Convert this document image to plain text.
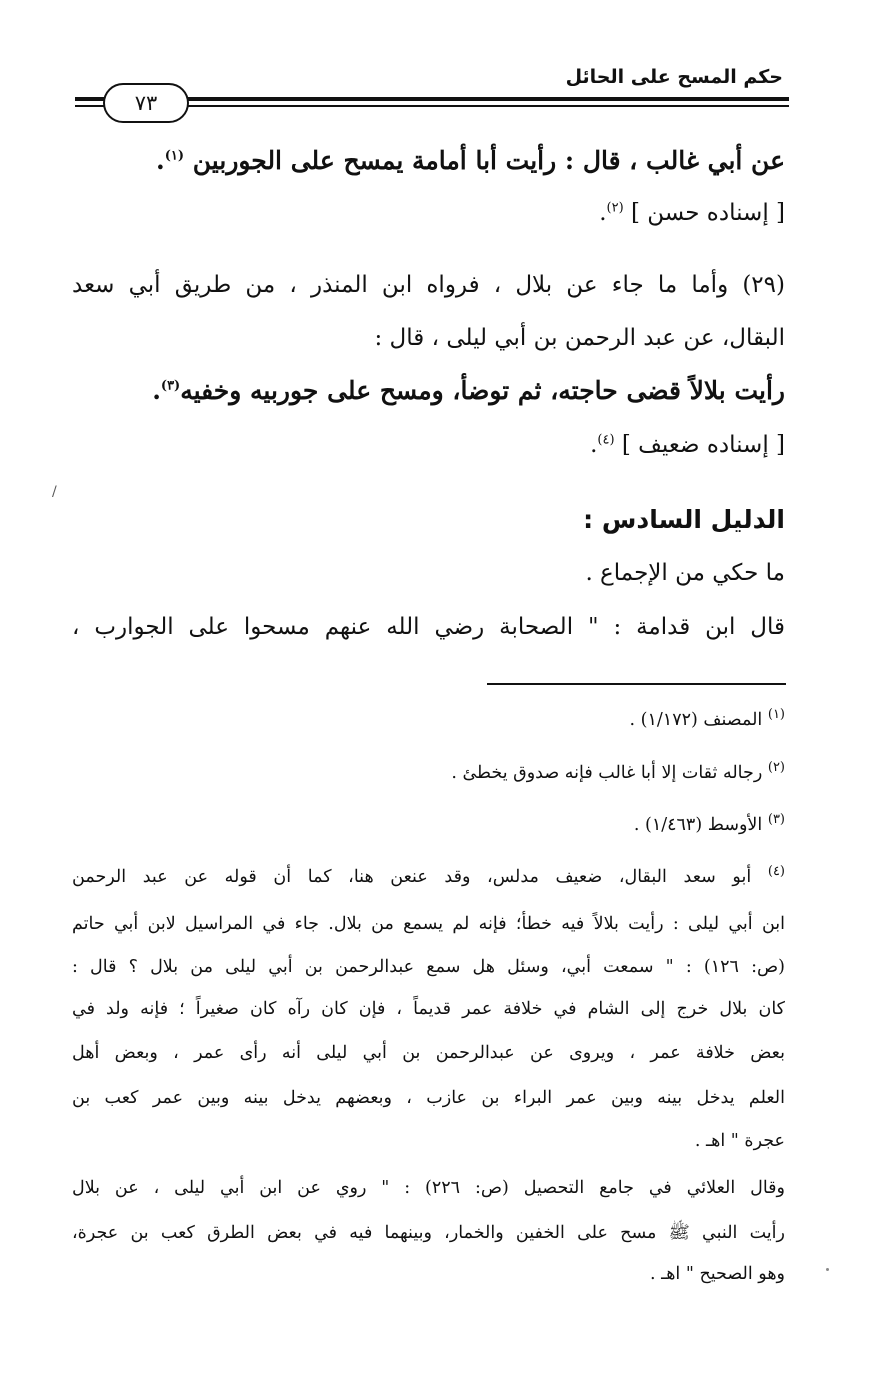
حكم المسح على الحائل
٧٣
عن أبي غالب ، قال : رأيت أبا أمامة يمسح على الجوربين $^{(١)}$.
[ إسناده حسن ] $^{(٢)}$.
(٢٩) وأما ما جاء عن بلال ، فرواه ابن المنذر ، من طريق أبي سعد
البقال، عن عبد الرحمن بن أبي ليلى ، قال :
رأيت بلالاً قضى حاجته، ثم توضأ، ومسح على جوربيه وخفيه$^{(٣)}$.
[ إسناده ضعيف ] $^{(٤)}$.
الدليل السادس :
ما حكي من الإجماع .
قال ابن قدامة : " الصحابة رضي الله عنهم مسحوا على الجوارب ،
$^{(١)}$ المصنف (١/١٧٢) .
$^{(٢)}$ رجاله ثقات إلا أبا غالب فإنه صدوق يخطئ .
$^{(٣)}$ الأوسط (١/٤٦٣) .
$^{(٤)}$ أبو سعد البقال، ضعيف مدلس، وقد عنعن هنا، كما أن قوله عن عبد الرحمن
ابن أبي ليلى : رأيت بلالاً فيه خطأ؛ فإنه لم يسمع من بلال. جاء في المراسيل لابن أبي حاتم
(ص: ١٢٦) : " سمعت أبي، وسئل هل سمع عبدالرحمن بن أبي ليلى من بلال ؟ قال :
كان بلال خرج إلى الشام في خلافة عمر قديماً ، فإن كان رآه كان صغيراً ؛ فإنه ولد في
بعض خلافة عمر ، ويروى عن عبدالرحمن بن أبي ليلى أنه رأى عمر ، وبعض أهل
العلم يدخل بينه وبين عمر البراء بن عازب ، وبعضهم يدخل بينه وبين عمر كعب بن
عجرة " اهـ .
وقال العلائي في جامع التحصيل (ص: ٢٢٦) : " روي عن ابن أبي ليلى ، عن بلال
رأيت النبي ﷺ مسح على الخفين والخمار، وبينهما فيه في بعض الطرق كعب بن عجرة،
وهو الصحيح " اهـ .
/
